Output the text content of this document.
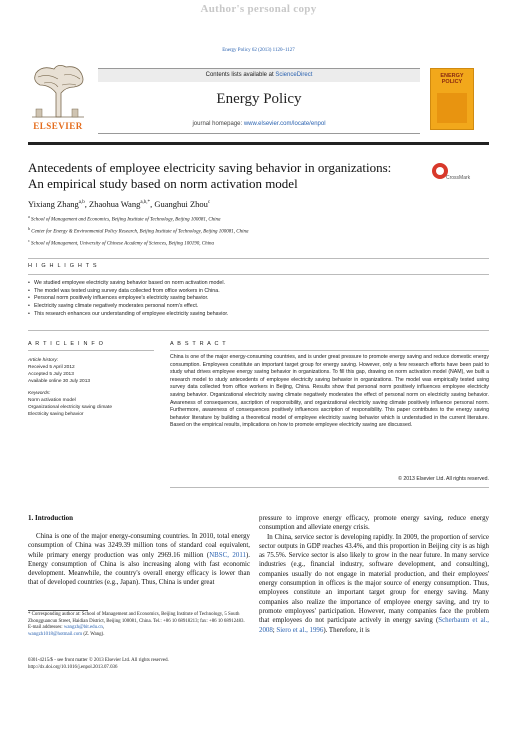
Author's personal copy
Energy Policy 62 (2013) 1120–1127
ELSEVIER
Contents lists available at ScienceDirect
Energy Policy
journal homepage: www.elsevier.com/locate/enpol
ENERGY
POLICY
Antecedents of employee electricity saving behavior in organizations:
An empirical study based on norm activation model	CrossMark
Yixiang Zhang$^{a,b}$, Zhaohua Wang$^{a,b,*}$, Guanghui Zhou$^c$
$^a$ School of Management and Economics, Beijing Institute of Technology, Beijing 100081, China
$^b$ Center for Energy & Environmental Policy Research, Beijing Institute of Technology, Beijing 100081, China
$^c$ School of Management, University of Chinese Academy of Sciences, Beijing 100190, China
H I G H L I G H T S
• We studied employee electricity saving behavior based on norm activation model.
• The model was tested using survey data collected from office workers in China.
• Personal norm positively influences employee's electricity saving behavior.
• Electricity saving climate negatively moderates personal norm's effect.
• This research enhances our understanding of employee electricity saving behavior.
A R T I C L E I N F O	A B S T R A C T
Article history:
Received 5 April 2012
Accepted 5 July 2013
Available online 30 July 2013
Keywords:
Norm activation model
Organizational electricity saving climate
Electricity saving behavior
China is one of the major energy-consuming countries, and is under great pressure to promote energy saving and reduce domestic energy consumption. Employees constitute an important target group for energy saving. However, only a few research efforts have been paid to study what drives employee energy saving behavior in organizations. To fill this gap, drawing on norm activation model (NAM), we built a research model to study antecedents of employee electricity saving behavior in organizations. The model was empirically tested using survey data collected from office workers in Beijing, China. Results show that personal norm positively influences employee electricity saving behavior. Organizational electricity saving climate negatively moderates the effect of personal norm on electricity saving behavior. Awareness of consequences, ascription of responsibility, and organizational electricity saving climate positively influence personal norm. Furthermore, awareness of consequences positively influences ascription of responsibility. This paper contributes to the energy saving behavior literature by building a theoretical model of employee electricity saving behavior which is understudied in the current literature. Based on the empirical results, implications on how to promote employee electricity saving are discussed.
© 2013 Elsevier Ltd. All rights reserved.
1. Introduction
China is one of the major energy-consuming countries. In 2010, total energy consumption of China was 3249.39 million tons of standard coal equivalent, while primary energy production was only 2969.16 million (NBSC, 2011). Energy consumption of China is also increasing along with fast economic development. Meanwhile, the country's overall energy efficacy is lower than that of developed countries (e.g., Japan). Thus, China is under great
pressure to improve energy efficacy, promote energy saving, reduce energy consumption and alleviate energy crisis.
In China, service sector is developing rapidly. In 2009, the proportion of service sector outputs in GDP reaches 43.4%, and this proportion in Beijing city is as high as 75.5%. Service sector is also likely to grow in the near future. In many service industries (e.g., financial industry, software development, and consulting), companies usually do not engage in material production, and their employees' energy consumption in offices is the major source of energy consumption. Thus, employees constitute an important target group for energy saving. Many companies also realize the importance of employee energy saving, and try to promote employees' participation. However, many companies face the problem that employees do not participate actively in energy saving (Scherbaum et al., 2008; Siero et al., 1996). Therefore, it is
* Corresponding author at: School of Management and Economics, Beijing Institute of Technology, 5 South Zhongguancun Street, Haidian District, Beijing 100081, China. Tel.: +86 10 68918213; fax: +86 10 68912483.
E-mail addresses: wangzh@bit.edu.cn,
wangzh1018@hotmail.com (Z. Wang).
0301-4215/$ - see front matter © 2013 Elsevier Ltd. All rights reserved.
http://dx.doi.org/10.1016/j.enpol.2013.07.036
